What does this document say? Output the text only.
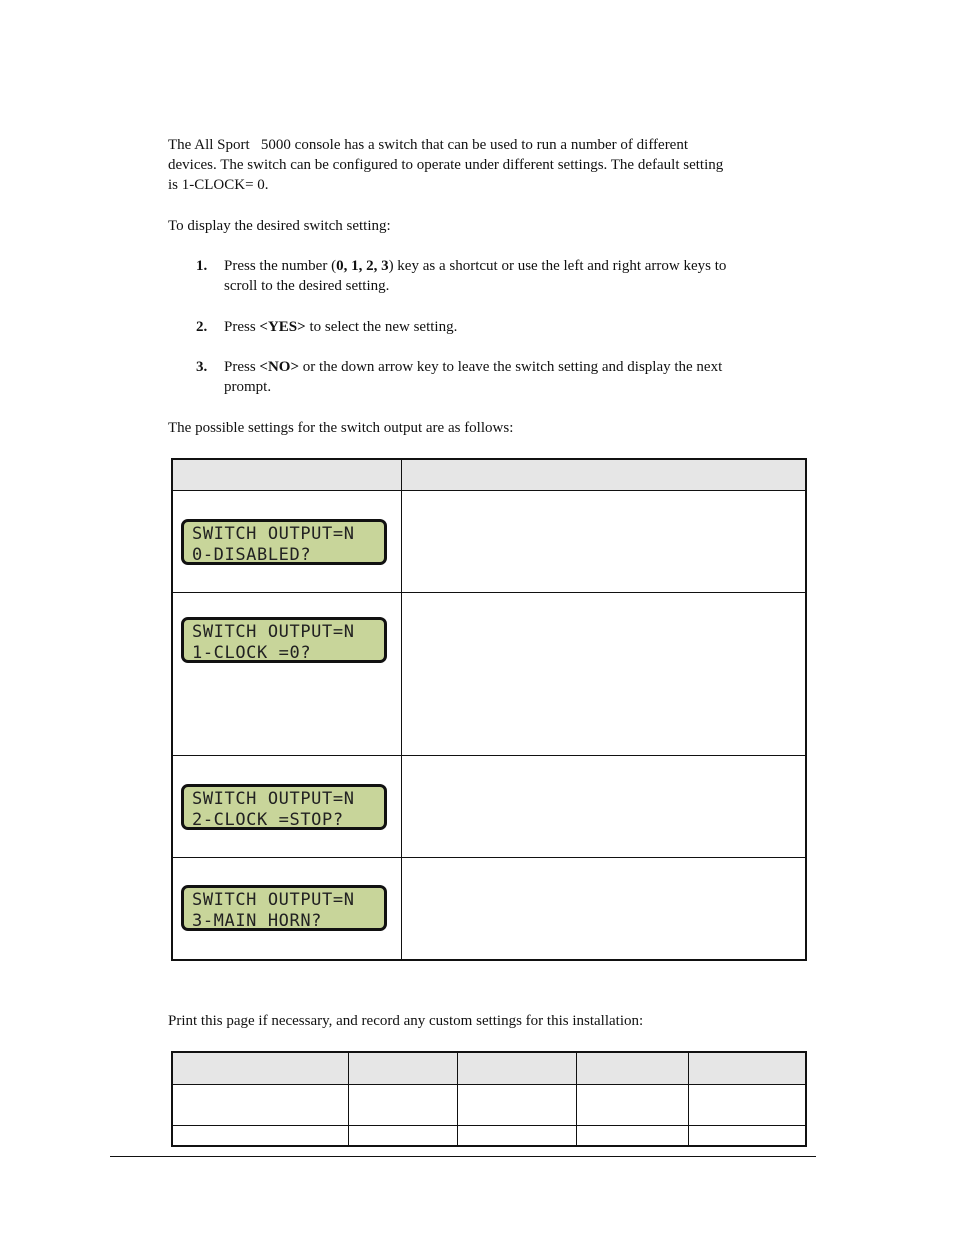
The All Sport   5000 console has a switch that can be used to run a number of different
devices. The switch can be configured to operate under different settings. The default setting
is 1-CLOCK= 0.

To display the desired switch setting:

1. Press the number (0, 1, 2, 3) key as a shortcut or use the left and right arrow keys to
scroll to the desired setting.
2. Press <YES> to select the new setting.
3. Press <NO> or the down arrow key to leave the switch setting and display the next
prompt.

The possible settings for the switch output are as follows:

SWITCH OUTPUT=N
0-DISABLED?	

SWITCH OUTPUT=N
1-CLOCK =0?	

SWITCH OUTPUT=N
2-CLOCK =STOP?	

SWITCH OUTPUT=N
3-MAIN HORN?	

Print this page if necessary, and record any custom settings for this installation:
